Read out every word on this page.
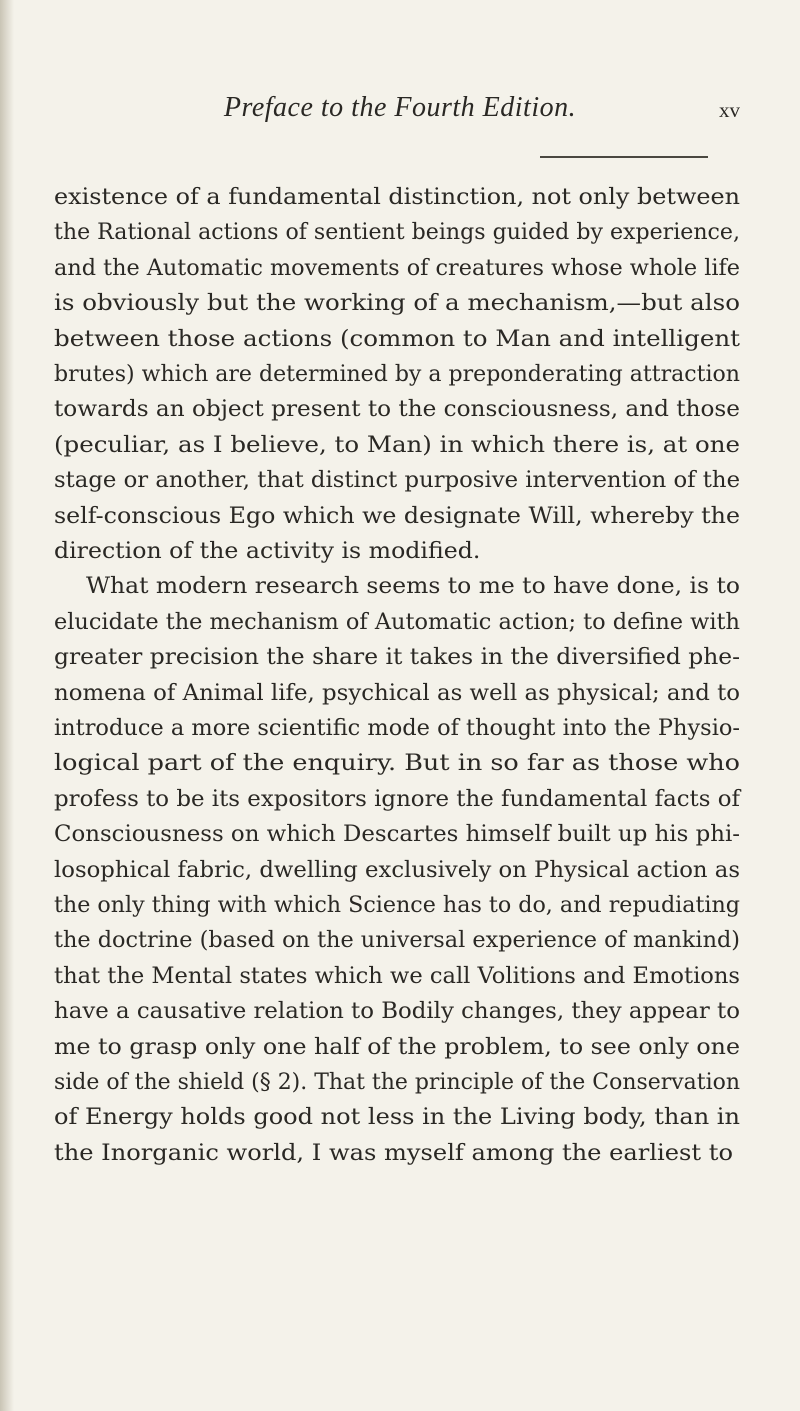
Preface to the Fourth Edition.	xv
existence of a fundamental distinction, not only between
the Rational actions of sentient beings guided by experience,
and the Automatic movements of creatures whose whole life
is obviously but the working of a mechanism,—but also
between those actions (common to Man and intelligent
brutes) which are determined by a preponderating attraction
towards an object present to the consciousness, and those
(peculiar, as I believe, to Man) in which there is, at one
stage or another, that distinct purposive intervention of the
self-conscious Ego which we designate Will, whereby the
direction of the activity is modified.
What modern research seems to me to have done, is to
elucidate the mechanism of Automatic action; to define with
greater precision the share it takes in the diversified phe-
nomena of Animal life, psychical as well as physical; and to
introduce a more scientific mode of thought into the Physio-
logical part of the enquiry. But in so far as those who
profess to be its expositors ignore the fundamental facts of
Consciousness on which Descartes himself built up his phi-
losophical fabric, dwelling exclusively on Physical action as
the only thing with which Science has to do, and repudiating
the doctrine (based on the universal experience of mankind)
that the Mental states which we call Volitions and Emotions
have a causative relation to Bodily changes, they appear to
me to grasp only one half of the problem, to see only one
side of the shield (§ 2). That the principle of the Conservation
of Energy holds good not less in the Living body, than in
the Inorganic world, I was myself among the earliest to
